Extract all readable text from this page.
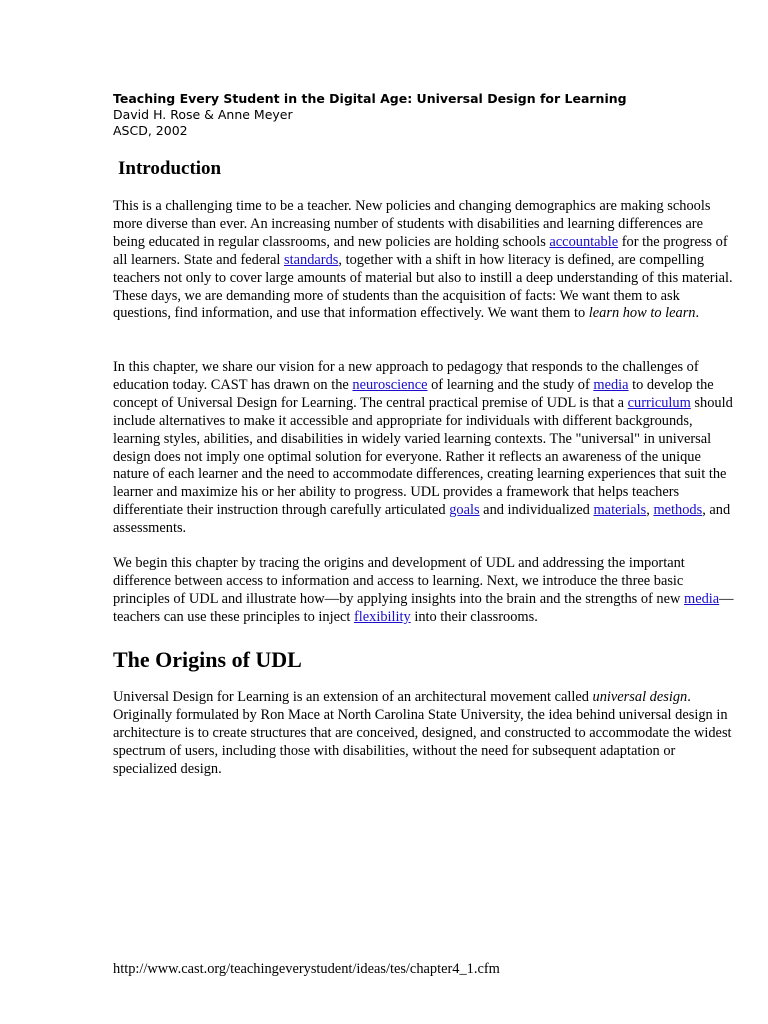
Teaching Every Student in the Digital Age: Universal Design for Learning
David H. Rose & Anne Meyer
ASCD, 2002
Introduction

This is a challenging time to be a teacher. New policies and changing demographics are making schools more diverse than ever. An increasing number of students with disabilities and learning differences are being educated in regular classrooms, and new policies are holding schools accountable for the progress of all learners. State and federal standards, together with a shift in how literacy is defined, are compelling teachers not only to cover large amounts of material but also to instill a deep understanding of this material. These days, we are demanding more of students than the acquisition of facts: We want them to ask questions, find information, and use that information effectively. We want them to learn how to learn.

In this chapter, we share our vision for a new approach to pedagogy that responds to the challenges of education today. CAST has drawn on the neuroscience of learning and the study of media to develop the concept of Universal Design for Learning. The central practical premise of UDL is that a curriculum should include alternatives to make it accessible and appropriate for individuals with different backgrounds, learning styles, abilities, and disabilities in widely varied learning contexts. The "universal" in universal design does not imply one optimal solution for everyone. Rather it reflects an awareness of the unique nature of each learner and the need to accommodate differences, creating learning experiences that suit the learner and maximize his or her ability to progress. UDL provides a framework that helps teachers differentiate their instruction through carefully articulated goals and individualized materials, methods, and assessments.

We begin this chapter by tracing the origins and development of UDL and addressing the important difference between access to information and access to learning. Next, we introduce the three basic principles of UDL and illustrate how—by applying insights into the brain and the strengths of new media—teachers can use these principles to inject flexibility into their classrooms.

The Origins of UDL

Universal Design for Learning is an extension of an architectural movement called universal design. Originally formulated by Ron Mace at North Carolina State University, the idea behind universal design in architecture is to create structures that are conceived, designed, and constructed to accommodate the widest spectrum of users, including those with disabilities, without the need for subsequent adaptation or specialized design.

http://www.cast.org/teachingeverystudent/ideas/tes/chapter4_1.cfm
